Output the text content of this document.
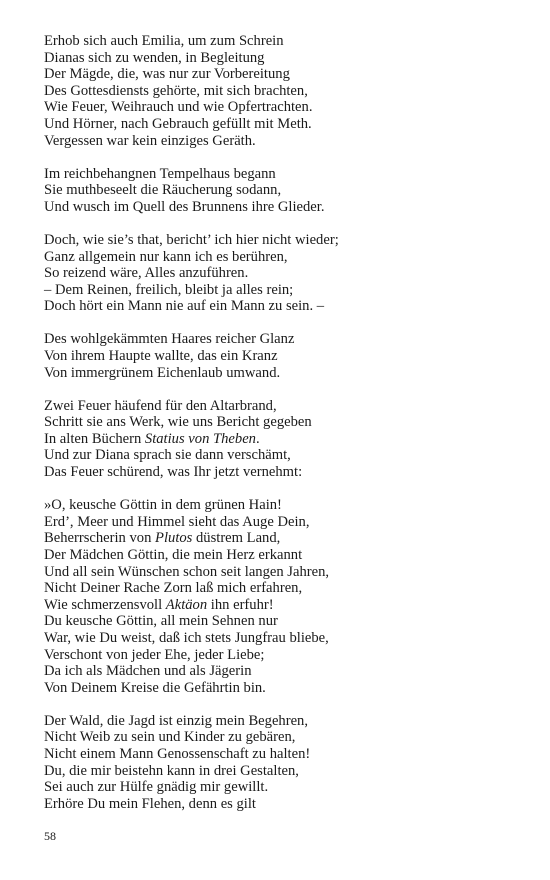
Erhob sich auch Emilia, um zum Schrein
Dianas sich zu wenden, in Begleitung
Der Mägde, die, was nur zur Vorbereitung
Des Gottesdiensts gehörte, mit sich brachten,
Wie Feuer, Weihrauch und wie Opfertrachten.
Und Hörner, nach Gebrauch gefüllt mit Meth.
Vergessen war kein einziges Geräth.
Im reichbehangnen Tempelhaus begann
Sie muthbeseelt die Räucherung sodann,
Und wusch im Quell des Brunnens ihre Glieder.
Doch, wie sie’s that, bericht’ ich hier nicht wieder;
Ganz allgemein nur kann ich es berühren,
So reizend wäre, Alles anzuführen.
– Dem Reinen, freilich, bleibt ja alles rein;
Doch hört ein Mann nie auf ein Mann zu sein. –
Des wohlgekämmten Haares reicher Glanz
Von ihrem Haupte wallte, das ein Kranz
Von immergrünem Eichenlaub umwand.
Zwei Feuer häufend für den Altarbrand,
Schritt sie ans Werk, wie uns Bericht gegeben
In alten Büchern Statius von Theben.
Und zur Diana sprach sie dann verschämt,
Das Feuer schürend, was Ihr jetzt vernehmt:
»O, keusche Göttin in dem grünen Hain!
Erd’, Meer und Himmel sieht das Auge Dein,
Beherrscherin von Plutos düstrem Land,
Der Mädchen Göttin, die mein Herz erkannt
Und all sein Wünschen schon seit langen Jahren,
Nicht Deiner Rache Zorn laß mich erfahren,
Wie schmerzensvoll Aktäon ihn erfuhr!
Du keusche Göttin, all mein Sehnen nur
War, wie Du weist, daß ich stets Jungfrau bliebe,
Verschont von jeder Ehe, jeder Liebe;
Da ich als Mädchen und als Jägerin
Von Deinem Kreise die Gefährtin bin.
Der Wald, die Jagd ist einzig mein Begehren,
Nicht Weib zu sein und Kinder zu gebären,
Nicht einem Mann Genossenschaft zu halten!
Du, die mir beistehn kann in drei Gestalten,
Sei auch zur Hülfe gnädig mir gewillt.
Erhöre Du mein Flehen, denn es gilt
58
